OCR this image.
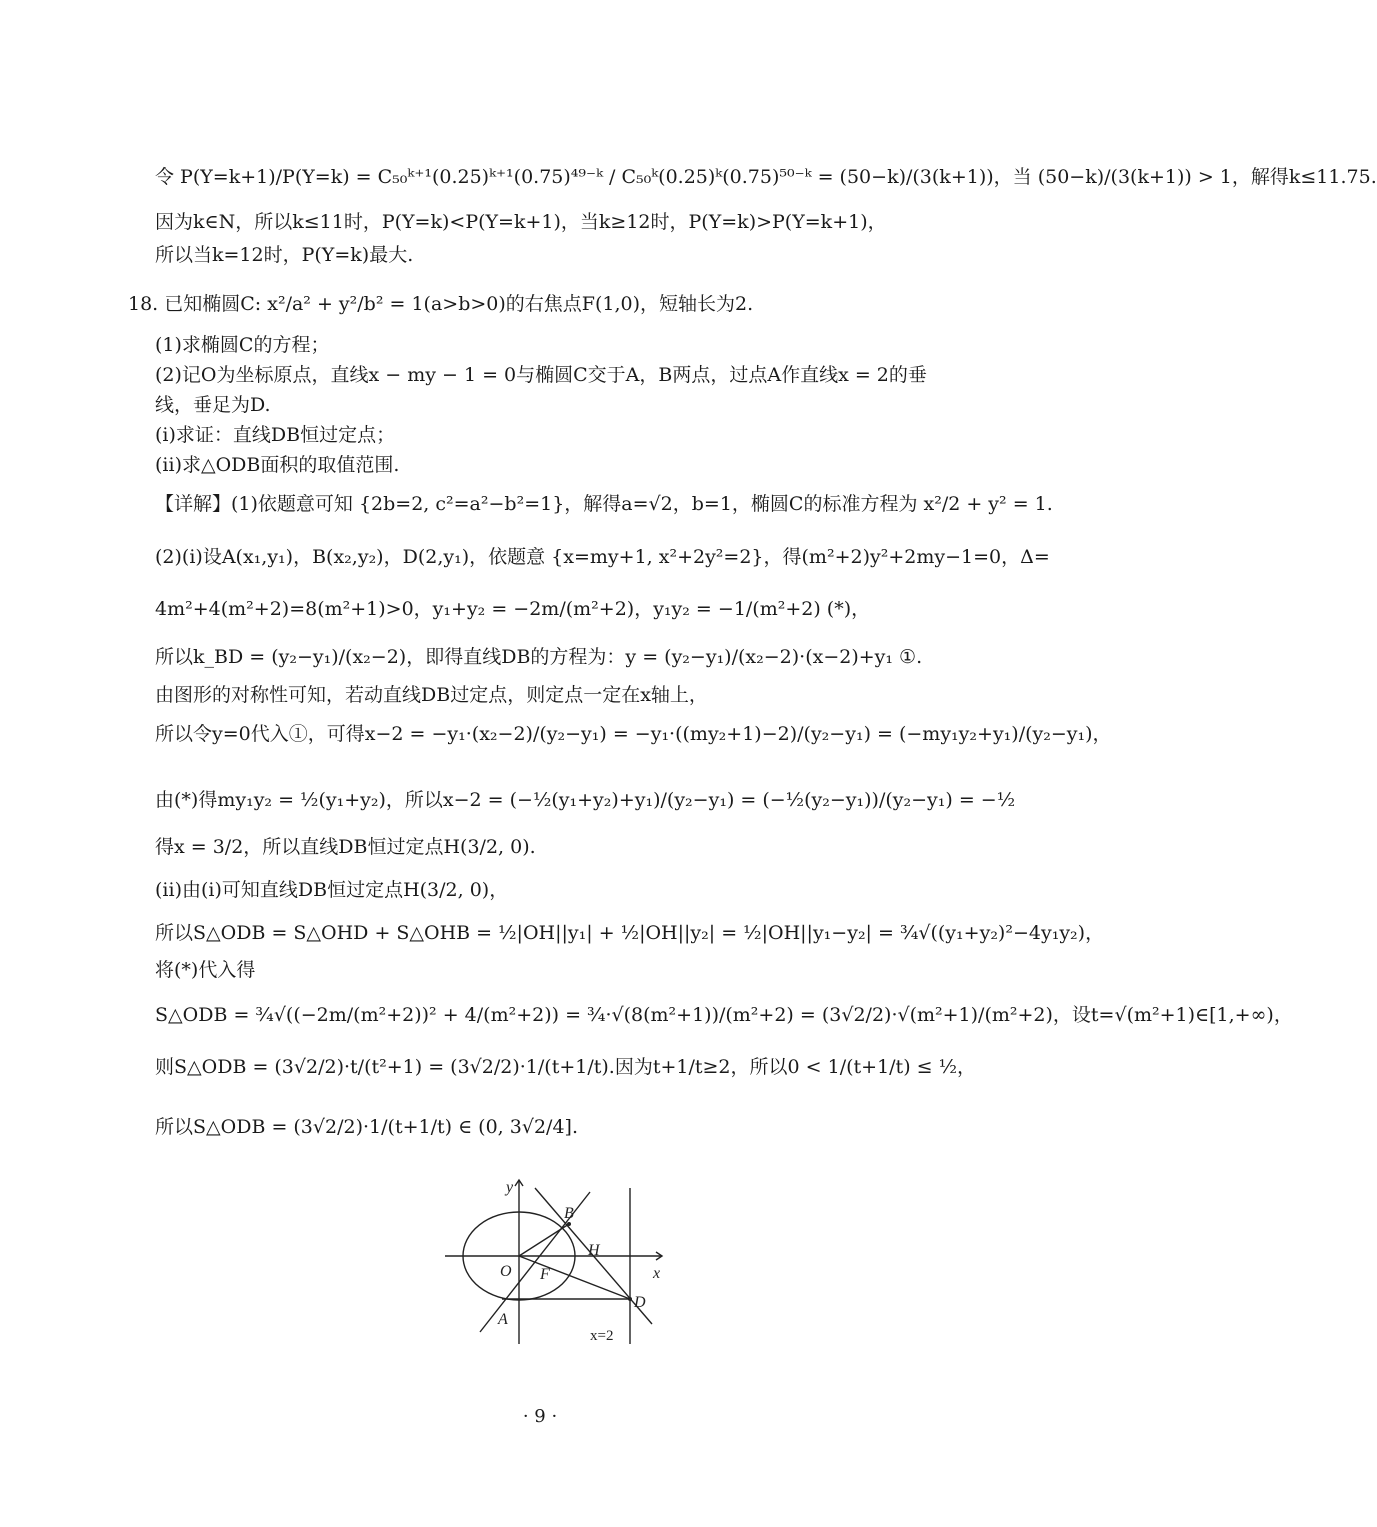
令 P(Y=k+1)/P(Y=k) = C₅₀ᵏ⁺¹(0.25)ᵏ⁺¹(0.75)⁴⁹⁻ᵏ / C₅₀ᵏ(0.25)ᵏ(0.75)⁵⁰⁻ᵏ = (50−k)/(3(k+1))，当 (50−k)/(3(k+1)) > 1，解得k≤11.75.
因为k∈N，所以k≤11时，P(Y=k)<P(Y=k+1)，当k≥12时，P(Y=k)>P(Y=k+1)，
所以当k=12时，P(Y=k)最大.
18. 已知椭圆C: x²/a² + y²/b² = 1(a>b>0)的右焦点F(1,0)，短轴长为2.
(1)求椭圆C的方程；
(2)记O为坐标原点，直线x − my − 1 = 0与椭圆C交于A，B两点，过点A作直线x = 2的垂
线，垂足为D.
(i)求证：直线DB恒过定点；
(ii)求△ODB面积的取值范围.
【详解】(1)依题意可知 {2b=2, c²=a²−b²=1}，解得a=√2，b=1，椭圆C的标准方程为 x²/2 + y² = 1.
(2)(i)设A(x₁,y₁)，B(x₂,y₂)，D(2,y₁)，依题意 {x=my+1, x²+2y²=2}，得(m²+2)y²+2my−1=0，Δ=
4m²+4(m²+2)=8(m²+1)>0，y₁+y₂ = −2m/(m²+2)，y₁y₂ = −1/(m²+2) (*)，
所以k_BD = (y₂−y₁)/(x₂−2)，即得直线DB的方程为：y = (y₂−y₁)/(x₂−2)·(x−2)+y₁ ①.
由图形的对称性可知，若动直线DB过定点，则定点一定在x轴上，
所以令y=0代入①，可得x−2 = −y₁·(x₂−2)/(y₂−y₁) = −y₁·((my₂+1)−2)/(y₂−y₁) = (−my₁y₂+y₁)/(y₂−y₁)，
由(*)得my₁y₂ = ½(y₁+y₂)，所以x−2 = (−½(y₁+y₂)+y₁)/(y₂−y₁) = (−½(y₂−y₁))/(y₂−y₁) = −½
得x = 3/2，所以直线DB恒过定点H(3/2, 0).
(ii)由(i)可知直线DB恒过定点H(3/2, 0)，
所以S△ODB = S△OHD + S△OHB = ½|OH||y₁| + ½|OH||y₂| = ½|OH||y₁−y₂| = ¾√((y₁+y₂)²−4y₁y₂)，
将(*)代入得
S△ODB = ¾√((−2m/(m²+2))² + 4/(m²+2)) = ¾·√(8(m²+1))/(m²+2) = (3√2/2)·√(m²+1)/(m²+2)，设t=√(m²+1)∈[1,+∞)，
则S△ODB = (3√2/2)·t/(t²+1) = (3√2/2)·1/(t+1/t).因为t+1/t≥2，所以0 < 1/(t+1/t) ≤ ½，
所以S△ODB = (3√2/2)·1/(t+1/t) ∈ (0, 3√2/4].
y
x
O F
A
B
H
D
x=2
· 9 ·
